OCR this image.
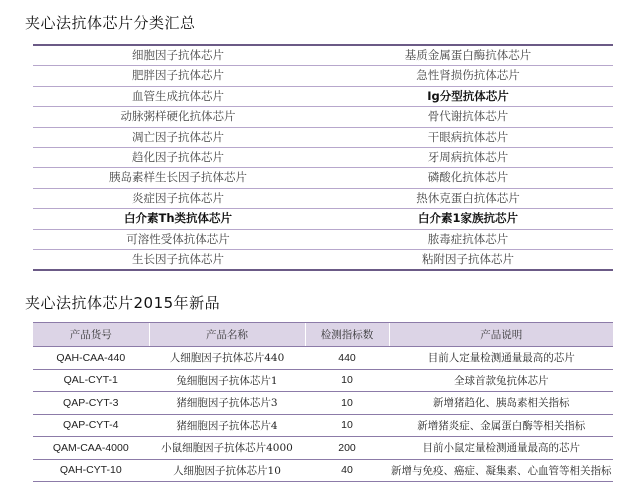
夹心法抗体芯片分类汇总
细胞因子抗体芯片	基质金属蛋白酶抗体芯片
肥胖因子抗体芯片	急性肾损伤抗体芯片
血管生成抗体芯片	Ig分型抗体芯片
动脉粥样硬化抗体芯片	骨代谢抗体芯片
凋亡因子抗体芯片	干眼病抗体芯片
趋化因子抗体芯片	牙周病抗体芯片
胰岛素样生长因子抗体芯片	磷酸化抗体芯片
炎症因子抗体芯片	热休克蛋白抗体芯片
白介素Th类抗体芯片	白介素1家族抗芯片
可溶性受体抗体芯片	脓毒症抗体芯片
生长因子抗体芯片	粘附因子抗体芯片
夹心法抗体芯片2015年新品
产品货号	产品名称	检测指标数	产品说明
QAH-CAA-440	人细胞因子抗体芯片440	440	目前人定量检测通量最高的芯片
QAL-CYT-1	兔细胞因子抗体芯片1	10	全球首款兔抗体芯片
QAP-CYT-3	猪细胞因子抗体芯片3	10	新增猪趋化、胰岛素相关指标
QAP-CYT-4	猪细胞因子抗体芯片4	10	新增猪炎症、金属蛋白酶等相关指标
QAM-CAA-4000	小鼠细胞因子抗体芯片4000	200	目前小鼠定量检测通量最高的芯片
QAH-CYT-10	人细胞因子抗体芯片10	40	新增与免疫、癌症、凝集素、心血管等相关指标
